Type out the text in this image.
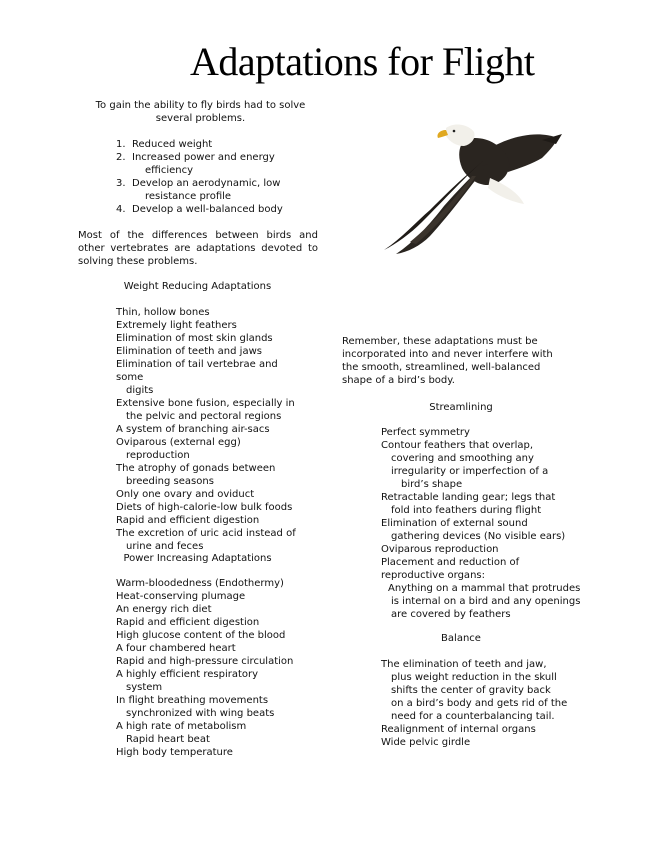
Adaptations for Flight
To gain the ability to fly birds had to solve several problems.
1. Reduced weight
2. Increased power and energy
efficiency
3. Develop an aerodynamic, low
resistance profile
4. Develop a well-balanced body
Most of the differences between birds and other vertebrates are adaptations devoted to solving these problems.
Weight Reducing Adaptations
Thin, hollow bones
Extremely light feathers
Elimination of most skin glands
Elimination of teeth and jaws
Elimination of tail vertebrae and some
digits
Extensive bone fusion, especially in
the pelvic and pectoral regions
A system of branching air-sacs
Oviparous (external egg)
reproduction
The atrophy of gonads between
breeding seasons
Only one ovary and oviduct
Diets of high-calorie-low bulk foods
Rapid and efficient digestion
The excretion of uric acid instead of
urine and feces
Power Increasing Adaptations
Warm-bloodedness (Endothermy)
Heat-conserving plumage
An energy rich diet
Rapid and efficient digestion
High glucose content of the blood
A four chambered heart
Rapid and high-pressure circulation
A highly efficient respiratory
system
In flight breathing movements
synchronized with wing beats
A high rate of metabolism
Rapid heart beat
High body temperature
Remember, these adaptations must be incorporated into and never interfere with the smooth, streamlined, well-balanced shape of a bird’s body.
Streamlining
Perfect symmetry
Contour feathers that overlap,
covering and smoothing any
irregularity or imperfection of a
bird’s shape
Retractable landing gear; legs that
fold into feathers during flight
Elimination of external sound
gathering devices (No visible ears)
Oviparous reproduction
Placement and reduction of reproductive organs:
Anything on a mammal that protrudes
is internal on a bird and any openings
are covered by feathers
Balance
The elimination of teeth and jaw,
plus weight reduction in the skull
shifts the center of gravity back
on a bird’s body and gets rid of the
need for a counterbalancing tail.
Realignment of internal organs
Wide pelvic girdle
